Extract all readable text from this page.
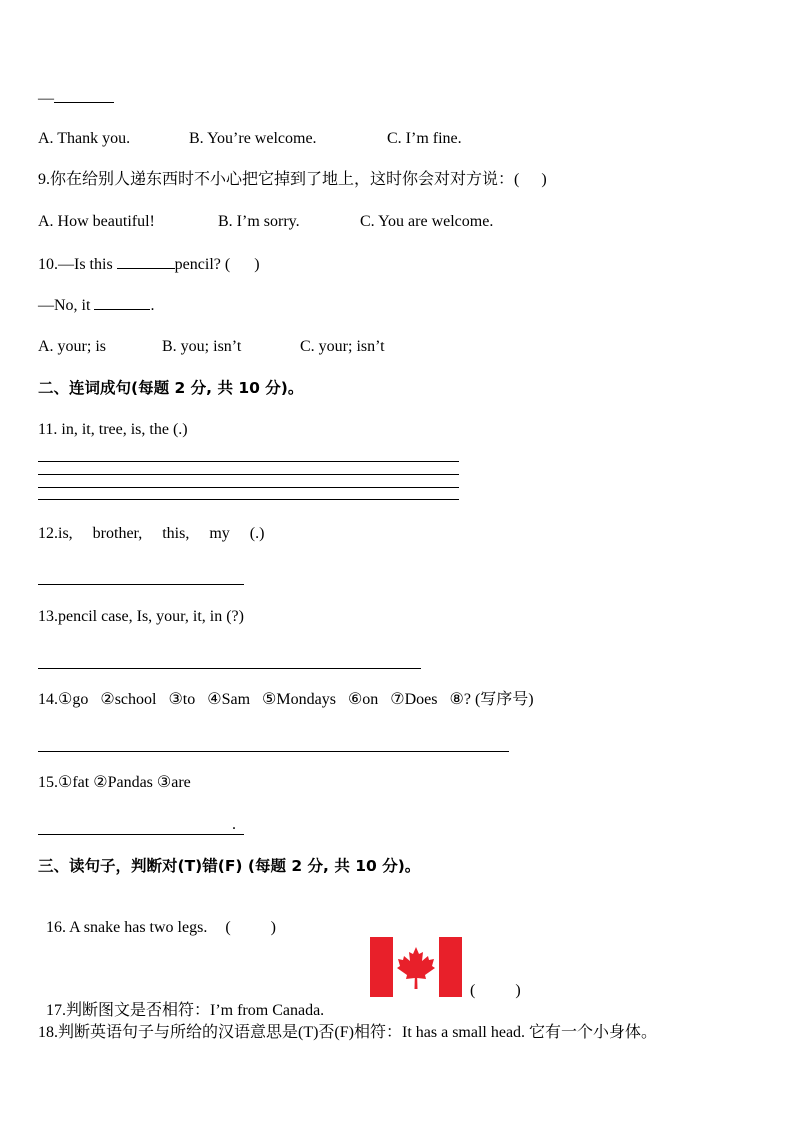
—
A. Thank you.	B. You’re welcome.	C. I’m fine.
9.你在给别人递东西时不小心把它掉到了地上，这时你会对对方说：( )
A. How beautiful!	B. I’m sorry.	C. You are welcome.
10.—Is this	pencil? ( )
—No, it	.
A. your; is	B. you; isn’t	C. your; isn’t
二、连词成句(每题 2 分, 共 10 分)。
11. in, it, tree, is, the (.)
12.is,     brother,     this,     my     (.)
13.pencil case, Is, your, it, in (?)
14.①go   ②school   ③to   ④Sam   ⑤Mondays   ⑥on   ⑦Does   ⑧? (写序号)
15.①fat ②Pandas ③are
.
三、读句子，判断对(T)错(F) (每题 2 分, 共 10 分)。

16. A snake has two legs. (          )

17.判断图文是否相符：I’m from Canada.

(          )
18.判断英语句子与所给的汉语意思是(T)否(F)相符：It has a small head. 它有一个小身体。
